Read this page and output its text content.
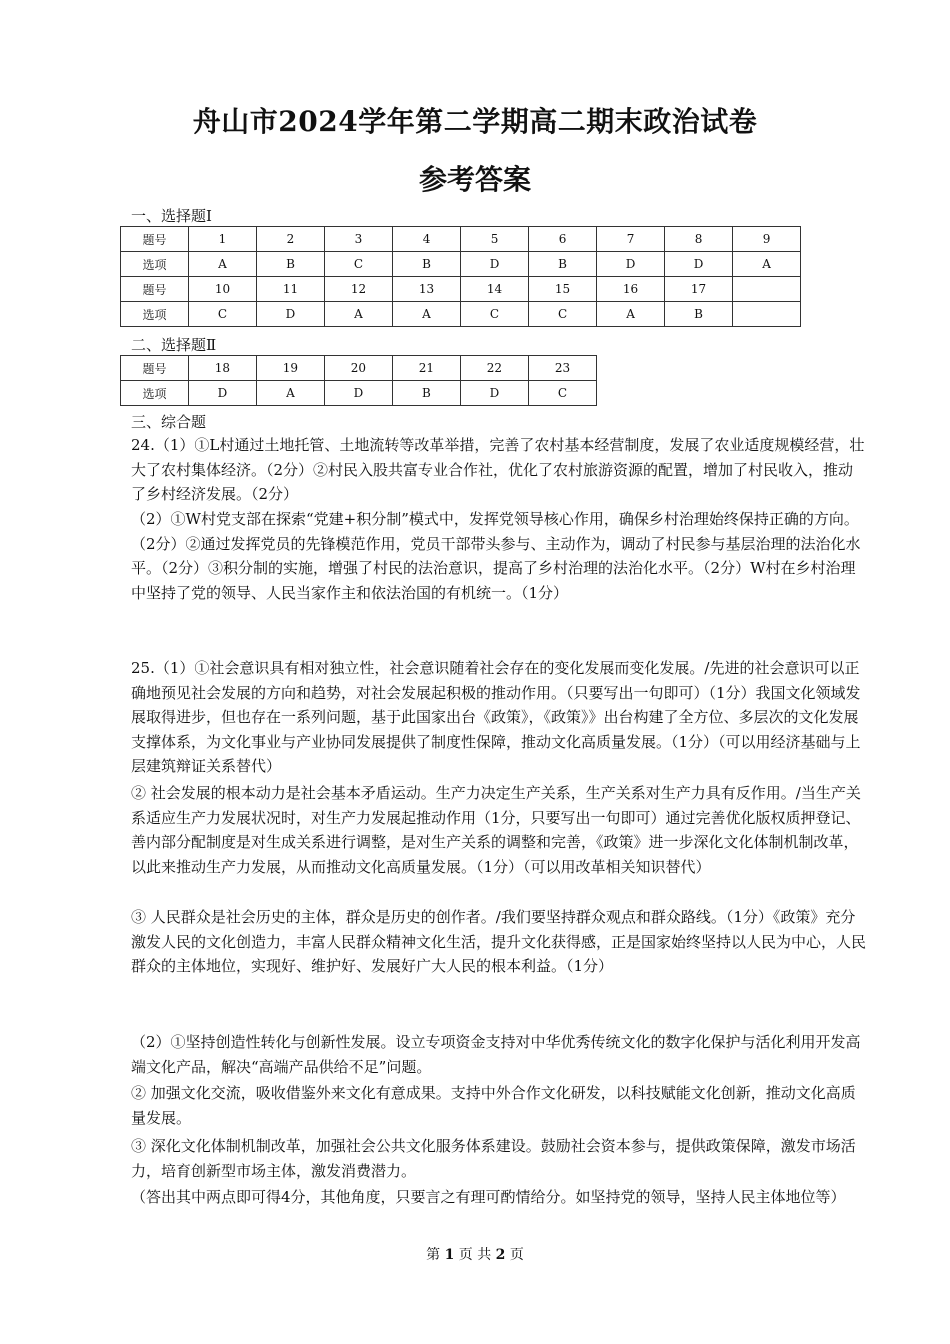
舟山市2024学年第二学期高二期末政治试卷
参考答案
一、选择题Ⅰ
题号	1	2	3	4	5	6	7	8	9
选项	A	B	C	B	D	B	D	D	A
题号	10	11	12	13	14	15	16	17	
选项	C	D	A	A	C	C	A	B	
二、选择题Ⅱ
题号	18	19	20	21	22	23
选项	D	A	D	B	D	C
三、综合题

24.（1）①L村通过土地托管、土地流转等改革举措，完善了农村基本经营制度，发展了农业适度规模经营，壮大了农村集体经济。（2分）②村民入股共富专业合作社，优化了农村旅游资源的配置，增加了村民收入，推动了乡村经济发展。（2分）

（2）①W村党支部在探索“党建+积分制”模式中，发挥党领导核心作用，确保乡村治理始终保持正确的方向。（2分）②通过发挥党员的先锋模范作用，党员干部带头参与、主动作为，调动了村民参与基层治理的法治化水平。（2分）③积分制的实施，增强了村民的法治意识，提高了乡村治理的法治化水平。（2分）W村在乡村治理中坚持了党的领导、人民当家作主和依法治国的有机统一。（1分）

25.（1）①社会意识具有相对独立性，社会意识随着社会存在的变化发展而变化发展。/先进的社会意识可以正确地预见社会发展的方向和趋势，对社会发展起积极的推动作用。（只要写出一句即可）（1分）我国文化领域发展取得进步，但也存在一系列问题，基于此国家出台《政策》，《政策》》出台构建了全方位、多层次的文化发展支撑体系，为文化事业与产业协同发展提供了制度性保障，推动文化高质量发展。（1分）（可以用经济基础与上层建筑辩证关系替代）

② 社会发展的根本动力是社会基本矛盾运动。生产力决定生产关系，生产关系对生产力具有反作用。/当生产关系适应生产力发展状况时，对生产力发展起推动作用（1分，只要写出一句即可）通过完善优化版权质押登记、善内部分配制度是对生成关系进行调整，是对生产关系的调整和完善，《政策》进一步深化文化体制机制改革，以此来推动生产力发展，从而推动文化高质量发展。（1分）（可以用改革相关知识替代）

③ 人民群众是社会历史的主体，群众是历史的创作者。/我们要坚持群众观点和群众路线。（1分）《政策》充分激发人民的文化创造力，丰富人民群众精神文化生活，提升文化获得感，正是国家始终坚持以人民为中心，人民群众的主体地位，实现好、维护好、发展好广大人民的根本利益。（1分）

（2）①坚持创造性转化与创新性发展。设立专项资金支持对中华优秀传统文化的数字化保护与活化利用开发高端文化产品，解决“高端产品供给不足”问题。

② 加强文化交流，吸收借鉴外来文化有意成果。支持中外合作文化研发，以科技赋能文化创新，推动文化高质量发展。

③ 深化文化体制机制改革，加强社会公共文化服务体系建设。鼓励社会资本参与，提供政策保障，激发市场活力，培育创新型市场主体，激发消费潜力。

（答出其中两点即可得4分，其他角度，只要言之有理可酌情给分。如坚持党的领导，坚持人民主体地位等）

第 1 页 共 2 页
